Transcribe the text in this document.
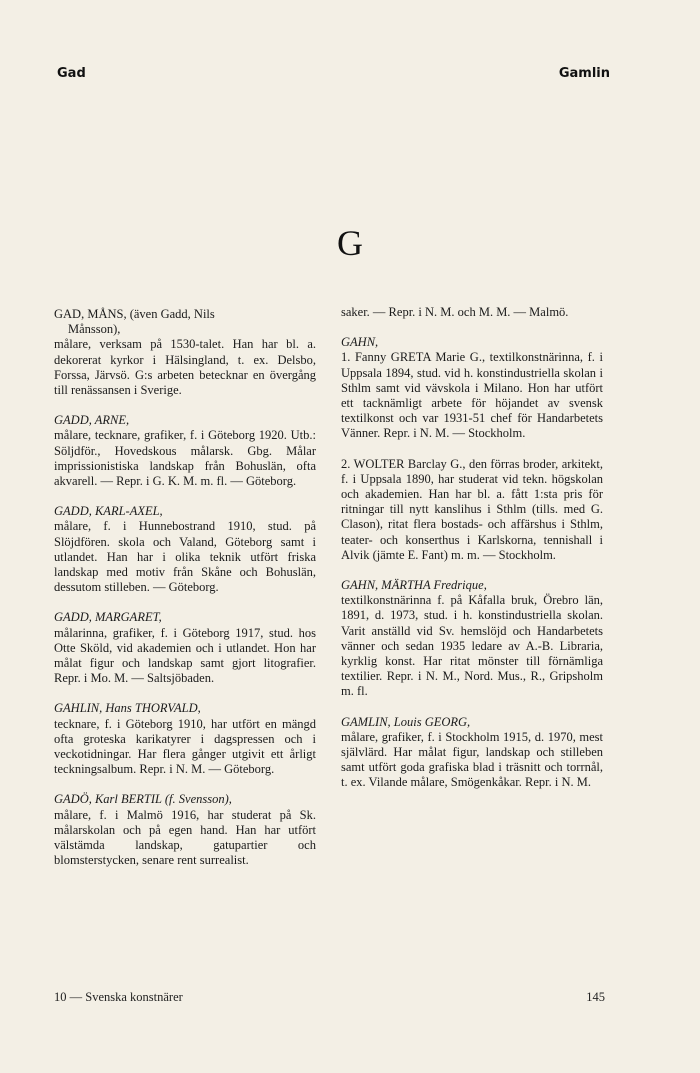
Gad	Gamlin
G
GAD, MÅNS, (även Gadd, Nils
Månsson),

målare, verksam på 1530-talet. Han har bl. a. dekorerat kyrkor i Hälsingland, t. ex. Delsbo, Forssa, Järvsö. G:s arbeten betecknar en övergång till renässansen i Sverige.

GADD, ARNE,

målare, tecknare, grafiker, f. i Göteborg 1920. Utb.: Söljdför., Hovedskous målarsk. Gbg. Målar imprissionistiska landskap från Bohuslän, ofta akvarell. — Repr. i G. K. M. m. fl. — Göteborg.

GADD, KARL-AXEL,

målare, f. i Hunnebostrand 1910, stud. på Slöjdfören. skola och Valand, Göteborg samt i utlandet. Han har i olika teknik utfört friska landskap med motiv från Skåne och Bohuslän, dessutom stilleben. — Göteborg.

GADD, MARGARET,

målarinna, grafiker, f. i Göteborg 1917, stud. hos Otte Sköld, vid akademien och i utlandet. Hon har målat figur och landskap samt gjort litografier. Repr. i Mo. M. — Saltsjöbaden.

GAHLIN, Hans THORVALD,

tecknare, f. i Göteborg 1910, har utfört en mängd ofta groteska karikatyrer i dagspressen och i veckotidningar. Har flera gånger utgivit ett årligt teckningsalbum. Repr. i N. M. — Göteborg.

GADÖ, Karl BERTIL (f. Svensson),

målare, f. i Malmö 1916, har studerat på Sk. målarskolan och på egen hand. Han har utfört välstämda landskap, gatupartier och blomsterstycken, senare rent surrealist.

saker. — Repr. i N. M. och M. M. — Malmö.

GAHN,

1. Fanny GRETA Marie G., textilkonstnärinna, f. i Uppsala 1894, stud. vid h. konstindustriella skolan i Sthlm samt vid vävskola i Milano. Hon har utfört ett tacknämligt arbete för höjandet av svensk textilkonst och var 1931-51 chef för Handarbetets Vänner. Repr. i N. M. — Stockholm.

2. WOLTER Barclay G., den förras broder, arkitekt, f. i Uppsala 1890, har studerat vid tekn. högskolan och akademien. Han har bl. a. fått 1:sta pris för ritningar till nytt kanslihus i Sthlm (tills. med G. Clason), ritat flera bostads- och affärshus i Sthlm, teater- och konserthus i Karlskorna, tennishall i Alvik (jämte E. Fant) m. m. — Stockholm.

GAHN, MÄRTHA Fredrique,

textilkonstnärinna f. på Kåfalla bruk, Örebro län, 1891, d. 1973, stud. i h. konstindustriella skolan. Varit anställd vid Sv. hemslöjd och Handarbetets vänner och sedan 1935 ledare av A.-B. Libraria, kyrklig konst. Har ritat mönster till förnämliga textilier. Repr. i N. M., Nord. Mus., R., Gripsholm m. fl.

GAMLIN, Louis GEORG,

målare, grafiker, f. i Stockholm 1915, d. 1970, mest självlärd. Har målat figur, landskap och stilleben samt utfört goda grafiska blad i träsnitt och torrnål, t. ex. Vilande målare, Smögenkåkar. Repr. i N. M.

10 — Svenska konstnärer	145
